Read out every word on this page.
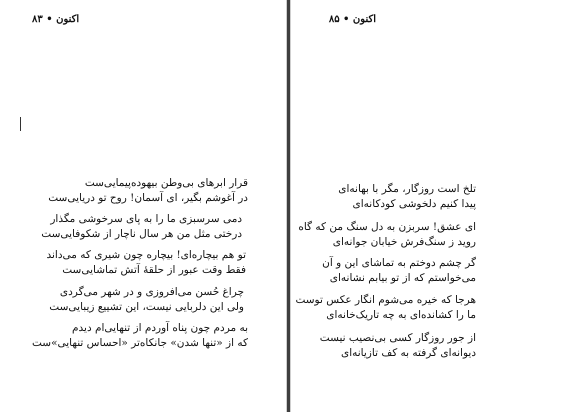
اکنون • ۸۳
قرار ابرهای بی‌وطن بیهوده‌پیمایی‌ست
در آغوشم بگیر، ای آسمان! روح تو دریایی‌ست
دمی سرسبزی ما را به پای سرخوشی مگذار
درختی مثل من هر سال ناچار از شکوفایی‌ست
تو هم بیچاره‌ای! بیچاره چون شیری که می‌داند
فقط وقت عبور از حلقهٔ آتش تماشایی‌ست
چراغ حُسن می‌افروزی و در شهر می‌گردی
ولی این دلربایی نیست، این تشییع زیبایی‌ست
به مردم چون پناه آوردم از تنهایی‌ام دیدم
که از «تنها شدن» جانکاه‌تر «احساس تنهایی»ست
اکنون • ۸۵
تلخ است روزگار، مگر با بهانه‌ای
پیدا کنیم دلخوشی کودکانه‌ای
ای عشق! سربزن به دل سنگ من که گاه
روید ز سنگ‌فرش خیابان جوانه‌ای
گر چشم دوختم به تماشای این و آن
می‌خواستم که از تو بیابم نشانه‌ای
هرجا که خیره می‌شوم انگار عکس توست
ما را کشانده‌ای به چه تاریک‌خانه‌ای
از جور روزگار کسی بی‌نصیب نیست
دیوانه‌ای گرفته به کف تازیانه‌ای
